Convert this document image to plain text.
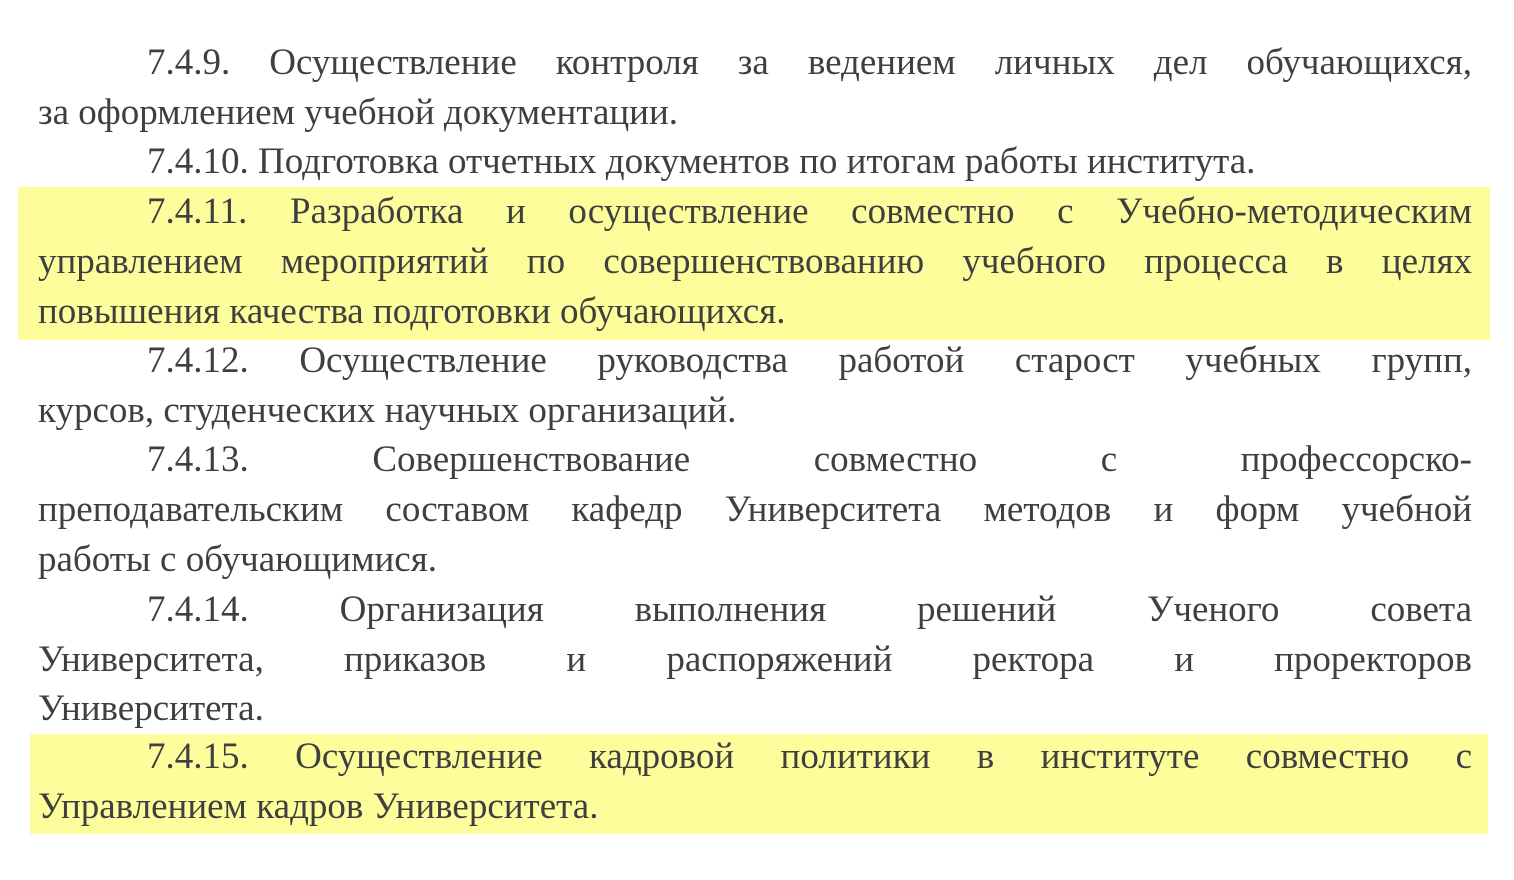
7.4.9. Осуществление контроля за ведением личных дел обучающихся,
за оформлением учебной документации.
7.4.10. Подготовка отчетных документов по итогам работы института.
7.4.11. Разработка и осуществление совместно с Учебно-методическим
управлением мероприятий по совершенствованию учебного процесса в целях
повышения качества подготовки обучающихся.
7.4.12. Осуществление руководства работой старост учебных групп,
курсов, студенческих научных организаций.
7.4.13. Совершенствование совместно с профессорско-
преподавательским составом кафедр Университета методов и форм учебной
работы с обучающимися.
7.4.14. Организация выполнения решений Ученого совета
Университета, приказов и распоряжений ректора и проректоров
Университета.
7.4.15. Осуществление кадровой политики в институте совместно с
Управлением кадров Университета.
